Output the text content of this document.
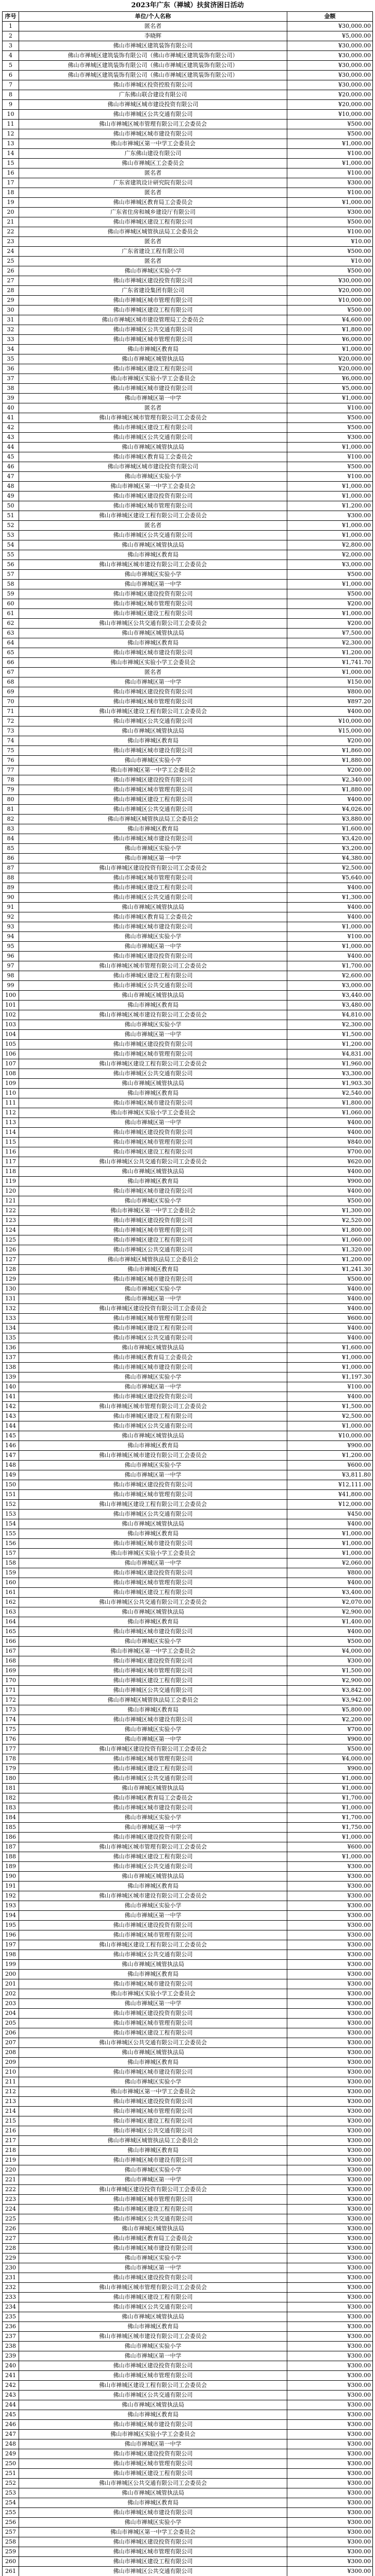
2023年广东（禅城）扶贫济困日活动
序号	单位/个人名称	金额
1	匿名者	¥30,000.00
2	李晓辉	¥5,000.00
3	佛山市禅城区建筑装饰有限公司	¥30,000.00
4	佛山市禅城区建筑装饰有限公司（佛山市禅城区建筑装饰有限公司）	¥30,000.00
5	佛山市禅城区建筑装饰有限公司（佛山市禅城区建筑装饰有限公司）	¥30,000.00
6	佛山市禅城区建筑装饰有限公司（佛山市禅城区建筑装饰有限公司）	¥30,000.00
7	佛山市禅城区投资控股有限公司	¥30,000.00
8	广东佛山联合建设有限公司	¥20,000.00
9	佛山市禅城区城市建设投资有限公司	¥20,000.00
10	佛山市禅城区公共交通有限公司	¥10,000.00
11	佛山市禅城区城市管理有限公司工会委员会	¥500.00
12	佛山市禅城区城市建设有限公司	¥500.00
13	佛山市禅城区第一中学工会委员会	¥1,000.00
14	广东佛山建设有限公司	¥100.00
15	佛山市禅城区工会委员会	¥1,000.00
16	匿名者	¥100.00
17	广东省建筑设计研究院有限公司	¥300.00
18	匿名者	¥100.00
19	佛山市禅城区教育局工会委员会	¥1,000.00
20	广东省住房和城乡建设厅有限公司	¥300.00
21	佛山市禅城区建设工程有限公司	¥500.00
22	佛山市禅城区城管执法局工会委员会	¥100.00
23	匿名者	¥10.00
24	广东省建设工程有限公司	¥500.00
25	匿名者	¥10.00
26	佛山市禅城区实验小学	¥500.00
27	佛山市禅城区建设投资有限公司	¥30,000.00
28	广东省建设集团有限公司	¥20,000.00
29	佛山市禅城区城市管理有限公司	¥10,000.00
30	佛山市禅城区建设工程有限公司	¥500.00
31	佛山市禅城区城市建设管理局工会委员会	¥4,600.00
32	佛山市禅城区公共交通有限公司	¥1,800.00
33	佛山市禅城区城市管理有限公司	¥6,000.00
34	佛山市禅城区教育局	¥1,000.00
35	佛山市禅城区城管执法局	¥20,000.00
36	佛山市禅城区建设工程有限公司	¥20,000.00
37	佛山市禅城区实验小学工会委员会	¥6,000.00
38	佛山市禅城区城市建设有限公司	¥5,000.00
39	佛山市禅城区第一中学	¥1,000.00
40	匿名者	¥100.00
41	佛山市禅城区城市管理有限公司工会委员会	¥500.00
42	佛山市禅城区建设工程有限公司	¥500.00
43	佛山市禅城区公共交通有限公司	¥300.00
44	佛山市禅城区城管执法局	¥1,000.00
45	佛山市禅城区教育局工会委员会	¥100.00
46	佛山市禅城区城市建设投资有限公司	¥500.00
47	佛山市禅城区实验小学	¥100.00
48	佛山市禅城区第一中学工会委员会	¥1,000.00
49	佛山市禅城区建设投资有限公司	¥1,000.00
50	佛山市禅城区城市管理有限公司	¥1,200.00
51	佛山市禅城区建设工程有限公司工会委员会	¥300.00
52	匿名者	¥1,000.00
53	佛山市禅城区公共交通有限公司	¥1,000.00
54	佛山市禅城区城管执法局	¥2,800.00
55	佛山市禅城区教育局	¥2,000.00
56	佛山市禅城区城市建设有限公司工会委员会	¥3,000.00
57	佛山市禅城区实验小学	¥500.00
58	佛山市禅城区第一中学	¥1,000.00
59	佛山市禅城区建设投资有限公司	¥500.00
60	佛山市禅城区城市管理有限公司	¥200.00
61	佛山市禅城区建设工程有限公司	¥1,000.00
62	佛山市禅城区公共交通有限公司工会委员会	¥200.00
63	佛山市禅城区城管执法局	¥7,500.00
64	佛山市禅城区教育局	¥2,300.00
65	佛山市禅城区城市建设有限公司	¥1,200.00
66	佛山市禅城区实验小学工会委员会	¥1,741.70
67	匿名者	¥1,000.00
68	佛山市禅城区第一中学	¥150.00
69	佛山市禅城区建设投资有限公司	¥800.00
70	佛山市禅城区城市管理有限公司	¥897.20
71	佛山市禅城区建设工程有限公司工会委员会	¥400.00
72	佛山市禅城区公共交通有限公司	¥10,000.00
73	佛山市禅城区城管执法局	¥15,000.00
74	佛山市禅城区教育局	¥200.00
75	佛山市禅城区城市建设有限公司	¥1,860.00
76	佛山市禅城区实验小学	¥1,880.00
77	佛山市禅城区第一中学工会委员会	¥200.00
78	佛山市禅城区建设投资有限公司	¥2,340.00
79	佛山市禅城区城市管理有限公司	¥1,880.00
80	佛山市禅城区建设工程有限公司	¥400.00
81	佛山市禅城区公共交通有限公司	¥4,026.00
82	佛山市禅城区城管执法局工会委员会	¥3,880.00
83	佛山市禅城区教育局	¥1,600.00
84	佛山市禅城区城市建设有限公司	¥3,420.00
85	佛山市禅城区实验小学	¥3,200.00
86	佛山市禅城区第一中学	¥4,380.00
87	佛山市禅城区建设投资有限公司工会委员会	¥2,500.00
88	佛山市禅城区城市管理有限公司	¥5,640.00
89	佛山市禅城区建设工程有限公司	¥400.00
90	佛山市禅城区公共交通有限公司	¥1,300.00
91	佛山市禅城区城管执法局	¥400.00
92	佛山市禅城区教育局工会委员会	¥400.00
93	佛山市禅城区城市建设有限公司	¥1,000.00
94	佛山市禅城区实验小学	¥100.00
95	佛山市禅城区第一中学	¥1,000.00
96	佛山市禅城区建设投资有限公司	¥400.00
97	佛山市禅城区城市管理有限公司工会委员会	¥1,700.00
98	佛山市禅城区建设工程有限公司	¥2,600.00
99	佛山市禅城区公共交通有限公司	¥3,000.00
100	佛山市禅城区城管执法局	¥3,440.00
101	佛山市禅城区教育局	¥3,480.00
102	佛山市禅城区城市建设有限公司工会委员会	¥4,810.00
103	佛山市禅城区实验小学	¥2,300.00
104	佛山市禅城区第一中学	¥1,500.00
105	佛山市禅城区建设投资有限公司	¥1,200.00
106	佛山市禅城区城市管理有限公司	¥4,831.00
107	佛山市禅城区建设工程有限公司工会委员会	¥1,960.00
108	佛山市禅城区公共交通有限公司	¥3,300.00
109	佛山市禅城区城管执法局	¥1,903.30
110	佛山市禅城区教育局	¥2,540.00
111	佛山市禅城区城市建设有限公司	¥1,800.00
112	佛山市禅城区实验小学工会委员会	¥1,060.00
113	佛山市禅城区第一中学	¥400.00
114	佛山市禅城区建设投资有限公司	¥400.00
115	佛山市禅城区城市管理有限公司	¥840.00
116	佛山市禅城区建设工程有限公司	¥700.00
117	佛山市禅城区公共交通有限公司工会委员会	¥620.00
118	佛山市禅城区城管执法局	¥400.00
119	佛山市禅城区教育局	¥900.00
120	佛山市禅城区城市建设有限公司	¥400.00
121	佛山市禅城区实验小学	¥500.00
122	佛山市禅城区第一中学工会委员会	¥1,300.00
123	佛山市禅城区建设投资有限公司	¥2,520.00
124	佛山市禅城区城市管理有限公司	¥1,800.00
125	佛山市禅城区建设工程有限公司	¥1,060.00
126	佛山市禅城区公共交通有限公司	¥1,320.00
127	佛山市禅城区城管执法局工会委员会	¥1,200.00
128	佛山市禅城区教育局	¥1,241.30
129	佛山市禅城区城市建设有限公司	¥500.00
130	佛山市禅城区实验小学	¥400.00
131	佛山市禅城区第一中学	¥400.00
132	佛山市禅城区建设投资有限公司工会委员会	¥400.00
133	佛山市禅城区城市管理有限公司	¥600.00
134	佛山市禅城区建设工程有限公司	¥400.00
135	佛山市禅城区公共交通有限公司	¥400.00
136	佛山市禅城区城管执法局	¥1,600.00
137	佛山市禅城区教育局工会委员会	¥1,000.00
138	佛山市禅城区城市建设有限公司	¥1,000.00
139	佛山市禅城区实验小学	¥1,197.30
140	佛山市禅城区第一中学	¥100.00
141	佛山市禅城区建设投资有限公司	¥400.00
142	佛山市禅城区城市管理有限公司工会委员会	¥1,500.00
143	佛山市禅城区建设工程有限公司	¥2,500.00
144	佛山市禅城区公共交通有限公司	¥1,000.00
145	佛山市禅城区城管执法局	¥10,000.00
146	佛山市禅城区教育局	¥900.00
147	佛山市禅城区城市建设有限公司工会委员会	¥1,200.00
148	佛山市禅城区实验小学	¥600.00
149	佛山市禅城区第一中学	¥3,811.80
150	佛山市禅城区建设投资有限公司	¥12,111.00
151	佛山市禅城区城市管理有限公司	¥41,800.00
152	佛山市禅城区建设工程有限公司工会委员会	¥12,000.00
153	佛山市禅城区公共交通有限公司	¥450.00
154	佛山市禅城区城管执法局	¥400.00
155	佛山市禅城区教育局	¥1,000.00
156	佛山市禅城区城市建设有限公司	¥1,000.00
157	佛山市禅城区实验小学工会委员会	¥1,000.00
158	佛山市禅城区第一中学	¥2,060.00
159	佛山市禅城区建设投资有限公司	¥800.00
160	佛山市禅城区城市管理有限公司	¥400.00
161	佛山市禅城区建设工程有限公司	¥3,400.00
162	佛山市禅城区公共交通有限公司工会委员会	¥2,070.00
163	佛山市禅城区城管执法局	¥2,900.00
164	佛山市禅城区教育局	¥1,400.00
165	佛山市禅城区城市建设有限公司	¥400.00
166	佛山市禅城区实验小学	¥500.00
167	佛山市禅城区第一中学工会委员会	¥4,000.00
168	佛山市禅城区建设投资有限公司	¥300.00
169	佛山市禅城区城市管理有限公司	¥1,500.00
170	佛山市禅城区建设工程有限公司	¥2,900.00
171	佛山市禅城区公共交通有限公司	¥3,842.00
172	佛山市禅城区城管执法局工会委员会	¥3,942.00
173	佛山市禅城区教育局	¥5,800.00
174	佛山市禅城区城市建设有限公司	¥2,200.00
175	佛山市禅城区实验小学	¥700.00
176	佛山市禅城区第一中学	¥900.00
177	佛山市禅城区建设投资有限公司工会委员会	¥500.00
178	佛山市禅城区城市管理有限公司	¥4,000.00
179	佛山市禅城区建设工程有限公司	¥900.00
180	佛山市禅城区公共交通有限公司	¥1,000.00
181	佛山市禅城区城管执法局	¥1,000.00
182	佛山市禅城区教育局工会委员会	¥1,700.00
183	佛山市禅城区城市建设有限公司	¥1,000.00
184	佛山市禅城区实验小学	¥1,700.00
185	佛山市禅城区第一中学	¥1,750.00
186	佛山市禅城区建设投资有限公司	¥1,000.00
187	佛山市禅城区城市管理有限公司工会委员会	¥600.00
188	佛山市禅城区建设工程有限公司	¥1,000.00
189	佛山市禅城区公共交通有限公司	¥300.00
190	佛山市禅城区城管执法局	¥300.00
191	佛山市禅城区教育局	¥300.00
192	佛山市禅城区城市建设有限公司工会委员会	¥300.00
193	佛山市禅城区实验小学	¥300.00
194	佛山市禅城区第一中学	¥300.00
195	佛山市禅城区建设投资有限公司	¥300.00
196	佛山市禅城区城市管理有限公司	¥300.00
197	佛山市禅城区建设工程有限公司工会委员会	¥300.00
198	佛山市禅城区公共交通有限公司	¥300.00
199	佛山市禅城区城管执法局	¥300.00
200	佛山市禅城区教育局	¥300.00
201	佛山市禅城区城市建设有限公司	¥300.00
202	佛山市禅城区实验小学工会委员会	¥300.00
203	佛山市禅城区第一中学	¥300.00
204	佛山市禅城区建设投资有限公司	¥300.00
205	佛山市禅城区城市管理有限公司	¥300.00
206	佛山市禅城区建设工程有限公司	¥300.00
207	佛山市禅城区公共交通有限公司工会委员会	¥300.00
208	佛山市禅城区城管执法局	¥300.00
209	佛山市禅城区教育局	¥300.00
210	佛山市禅城区城市建设有限公司	¥300.00
211	佛山市禅城区实验小学	¥300.00
212	佛山市禅城区第一中学工会委员会	¥300.00
213	佛山市禅城区建设投资有限公司	¥300.00
214	佛山市禅城区城市管理有限公司	¥300.00
215	佛山市禅城区建设工程有限公司	¥300.00
216	佛山市禅城区公共交通有限公司	¥300.00
217	佛山市禅城区城管执法局工会委员会	¥300.00
218	佛山市禅城区教育局	¥300.00
219	佛山市禅城区城市建设有限公司	¥300.00
220	佛山市禅城区实验小学	¥300.00
221	佛山市禅城区第一中学	¥300.00
222	佛山市禅城区建设投资有限公司工会委员会	¥300.00
223	佛山市禅城区城市管理有限公司	¥300.00
224	佛山市禅城区建设工程有限公司	¥300.00
225	佛山市禅城区公共交通有限公司	¥300.00
226	佛山市禅城区城管执法局	¥300.00
227	佛山市禅城区教育局工会委员会	¥300.00
228	佛山市禅城区城市建设有限公司	¥300.00
229	佛山市禅城区实验小学	¥300.00
230	佛山市禅城区第一中学	¥300.00
231	佛山市禅城区建设投资有限公司	¥300.00
232	佛山市禅城区城市管理有限公司工会委员会	¥300.00
233	佛山市禅城区建设工程有限公司	¥300.00
234	佛山市禅城区公共交通有限公司	¥300.00
235	佛山市禅城区城管执法局	¥300.00
236	佛山市禅城区教育局	¥300.00
237	佛山市禅城区城市建设有限公司工会委员会	¥300.00
238	佛山市禅城区实验小学	¥300.00
239	佛山市禅城区第一中学	¥300.00
240	佛山市禅城区建设投资有限公司	¥300.00
241	佛山市禅城区城市管理有限公司	¥300.00
242	佛山市禅城区建设工程有限公司工会委员会	¥300.00
243	佛山市禅城区公共交通有限公司	¥300.00
244	佛山市禅城区城管执法局	¥300.00
245	佛山市禅城区教育局	¥300.00
246	佛山市禅城区城市建设有限公司	¥300.00
247	佛山市禅城区实验小学工会委员会	¥300.00
248	佛山市禅城区第一中学	¥300.00
249	佛山市禅城区建设投资有限公司	¥300.00
250	佛山市禅城区城市管理有限公司	¥300.00
251	佛山市禅城区建设工程有限公司	¥300.00
252	佛山市禅城区公共交通有限公司工会委员会	¥300.00
253	佛山市禅城区城管执法局	¥300.00
254	佛山市禅城区教育局	¥300.00
255	佛山市禅城区城市建设有限公司	¥300.00
256	佛山市禅城区实验小学	¥300.00
257	佛山市禅城区第一中学工会委员会	¥300.00
258	佛山市禅城区建设投资有限公司	¥300.00
259	佛山市禅城区城市管理有限公司	¥300.00
260	佛山市禅城区建设工程有限公司	¥300.00
261	佛山市禅城区公共交通有限公司	¥300.00
